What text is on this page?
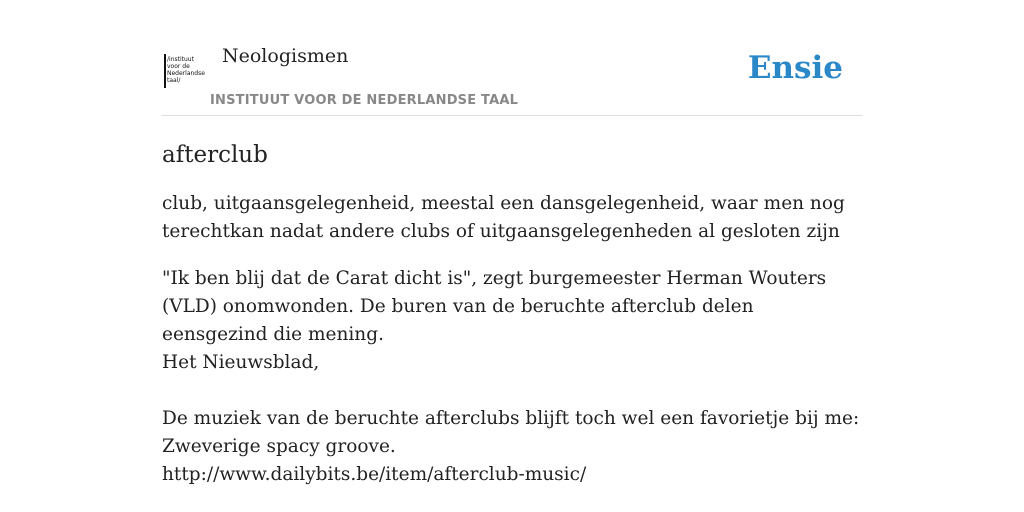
/instituut
voor de
Nederlandse
taal/
Neologismen
INSTITUUT VOOR DE NEDERLANDSE TAAL
Ensie
afterclub

club, uitgaansgelegenheid, meestal een dansgelegenheid, waar men nog terechtkan nadat andere clubs of uitgaansgelegenheden al gesloten zijn

"Ik ben blij dat de Carat dicht is", zegt burgemeester Herman Wouters (VLD) onomwonden. De buren van de beruchte afterclub delen eensgezind die mening.
Het Nieuwsblad,

De muziek van de beruchte afterclubs blijft toch wel een favorietje bij me: Zweverige spacy groove.
http://www.dailybits.be/item/afterclub-music/
